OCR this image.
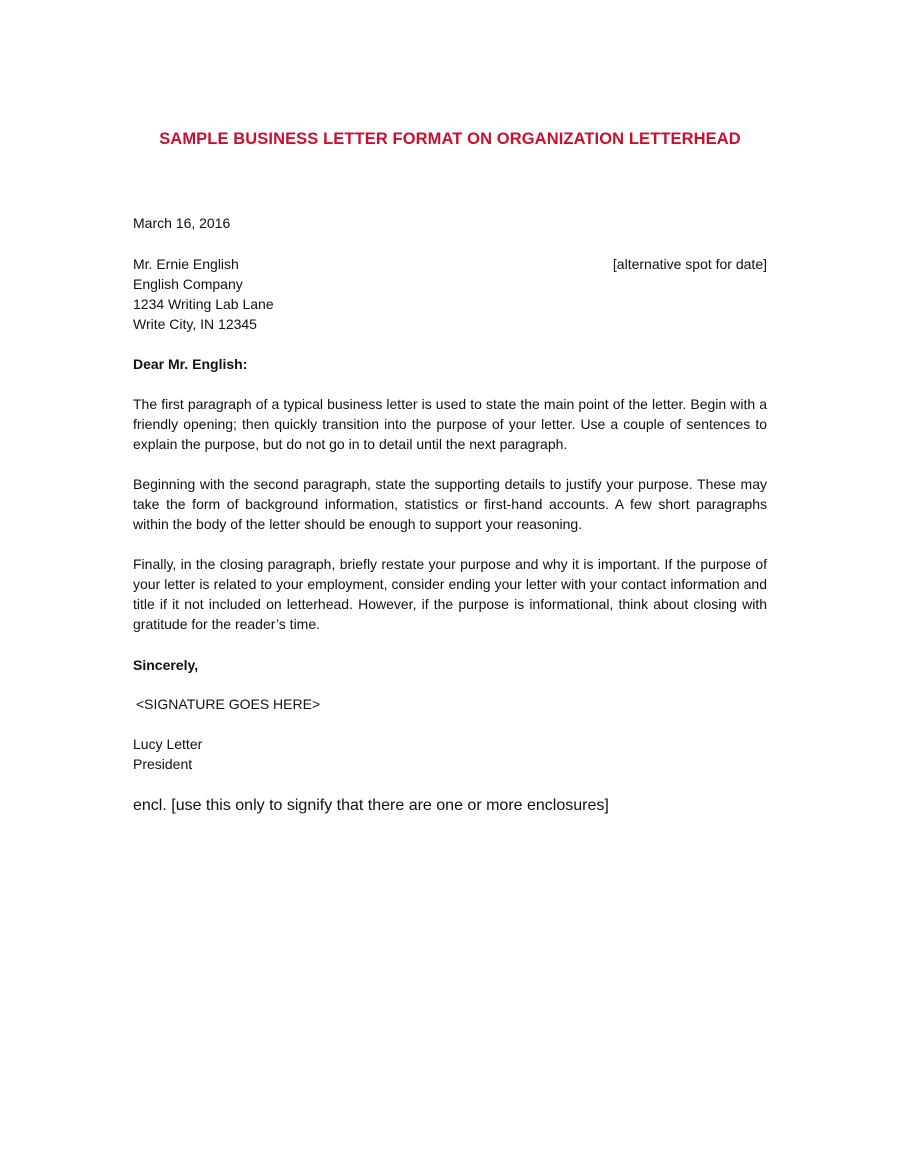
SAMPLE BUSINESS LETTER FORMAT ON ORGANIZATION LETTERHEAD
March 16, 2016
Mr. Ernie English
English Company
1234 Writing Lab Lane
Write City, IN 12345
[alternative spot for date]
Dear Mr. English:

The first paragraph of a typical business letter is used to state the main point of the letter. Begin with a friendly opening; then quickly transition into the purpose of your letter. Use a couple of sentences to explain the purpose, but do not go in to detail until the next paragraph.

Beginning with the second paragraph, state the supporting details to justify your purpose. These may take the form of background information, statistics or first-hand accounts. A few short paragraphs within the body of the letter should be enough to support your reasoning.

Finally, in the closing paragraph, briefly restate your purpose and why it is important. If the purpose of your letter is related to your employment, consider ending your letter with your contact information and title if it not included on letterhead. However, if the purpose is informational, think about closing with gratitude for the reader’s time.

Sincerely,
<SIGNATURE GOES HERE>
Lucy Letter
President
encl. [use this only to signify that there are one or more enclosures]
